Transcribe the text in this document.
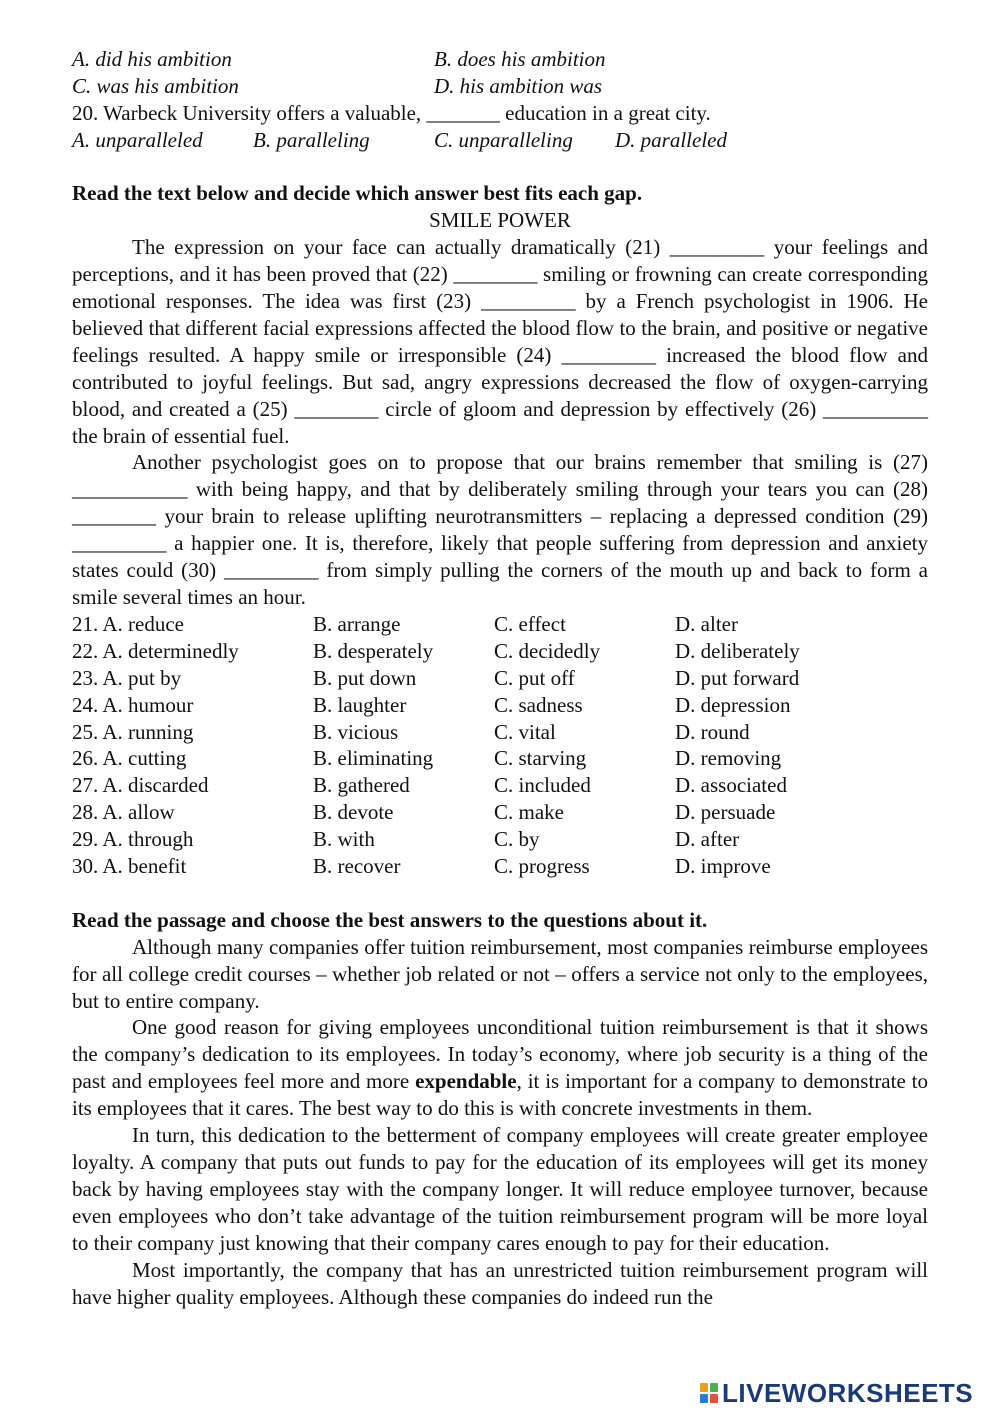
A. did his ambition	B. does his ambition
C. was his ambition	D. his ambition was
20. Warbeck University offers a valuable, _______ education in a great city.
A. unparalleled B. paralleling	C. unparalleling D. paralleled
Read the text below and decide which answer best fits each gap.
SMILE POWER

The expression on your face can actually dramatically (21) _________ your feelings and perceptions, and it has been proved that (22) ________ smiling or frowning can create corresponding emotional responses. The idea was first (23) _________ by a French psychologist in 1906. He believed that different facial expressions affected the blood flow to the brain, and positive or negative feelings resulted. A happy smile or irresponsible (24) _________ increased the blood flow and contributed to joyful feelings. But sad, angry expressions decreased the flow of oxygen-carrying blood, and created a (25) ________ circle of gloom and depression by effectively (26) __________ the brain of essential fuel.

Another psychologist goes on to propose that our brains remember that smiling is (27) ___________ with being happy, and that by deliberately smiling through your tears you can (28) ________ your brain to release uplifting neurotransmitters – replacing a depressed condition (29) _________ a happier one. It is, therefore, likely that people suffering from depression and anxiety states could (30) _________ from simply pulling the corners of the mouth up and back to form a smile several times an hour.

21. A. reduce	B. arrange	C. effect	D. alter
22. A. determinedly	B. desperately	C. decidedly	D. deliberately
23. A. put by	B. put down	C. put off	D. put forward
24. A. humour	B. laughter	C. sadness	D. depression
25. A. running	B. vicious	C. vital	D. round
26. A. cutting	B. eliminating	C. starving	D. removing
27. A. discarded	B. gathered	C. included	D. associated
28. A. allow	B. devote	C. make	D. persuade
29. A. through	B. with	C. by	D. after
30. A. benefit	B. recover	C. progress	D. improve
Read the passage and choose the best answers to the questions about it.

Although many companies offer tuition reimbursement, most companies reimburse employees for all college credit courses – whether job related or not – offers a service not only to the employees, but to entire company.

One good reason for giving employees unconditional tuition reimbursement is that it shows the company’s dedication to its employees. In today’s economy, where job security is a thing of the past and employees feel more and more expendable, it is important for a company to demonstrate to its employees that it cares. The best way to do this is with concrete investments in them.

In turn, this dedication to the betterment of company employees will create greater employee loyalty. A company that puts out funds to pay for the education of its employees will get its money back by having employees stay with the company longer. It will reduce employee turnover, because even employees who don’t take advantage of the tuition reimbursement program will be more loyal to their company just knowing that their company cares enough to pay for their education.

Most importantly, the company that has an unrestricted tuition reimbursement program will have higher quality employees. Although these companies do indeed run the

LIVEWORKSHEETS
